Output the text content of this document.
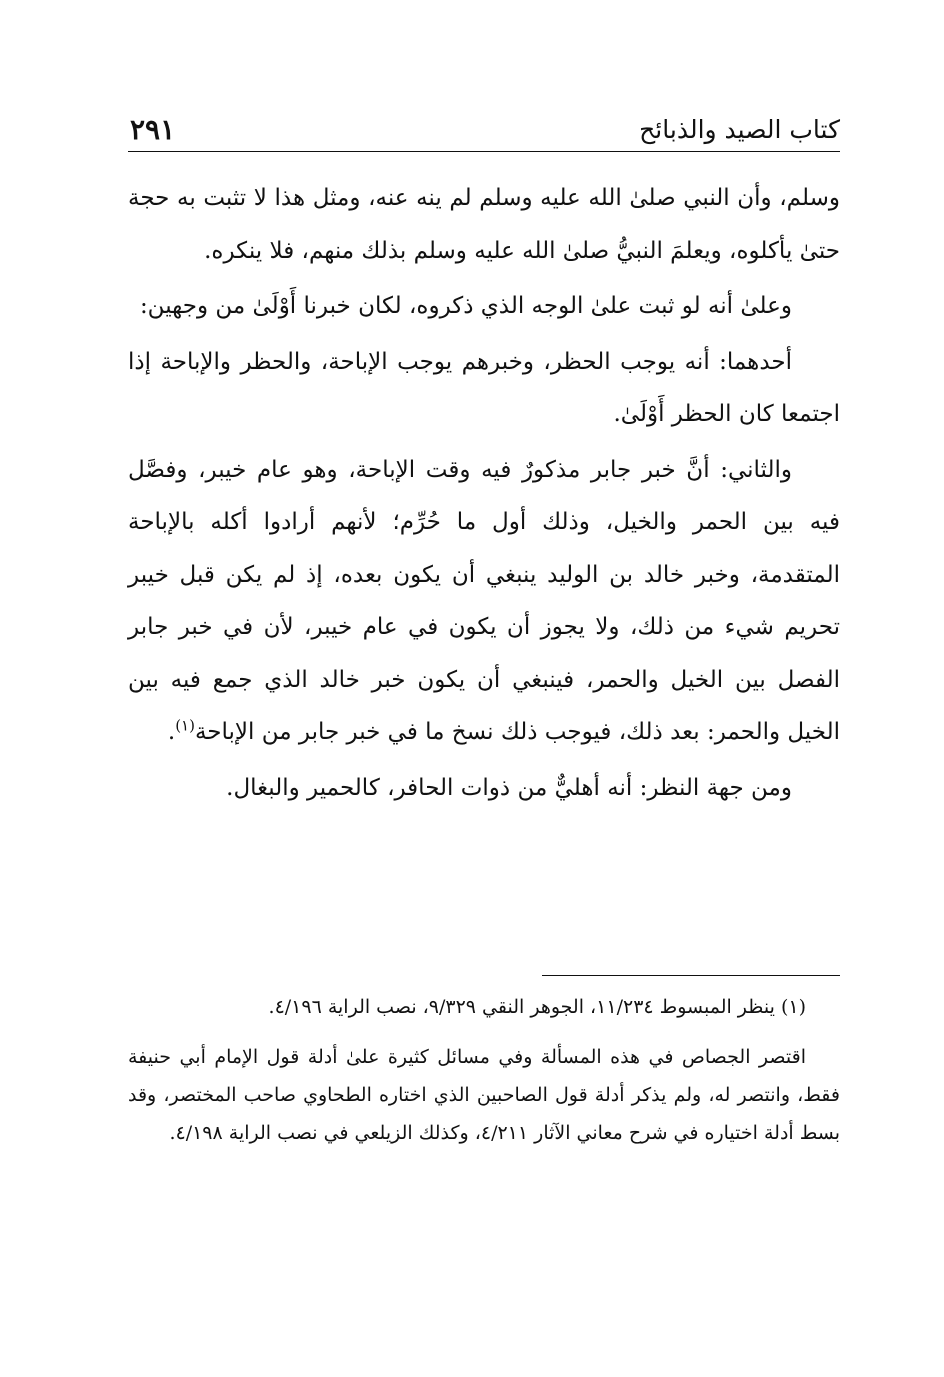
كتاب الصيد والذبائح
٢٩١

وسلم، وأن النبي صلىٰ الله عليه وسلم لم ينه عنه، ومثل هذا لا تثبت به حجة حتىٰ يأكلوه، ويعلمَ النبيُّ صلىٰ الله عليه وسلم بذلك منهم، فلا ينكره.

وعلىٰ أنه لو ثبت علىٰ الوجه الذي ذكروه، لكان خبرنا أَوْلَىٰ من وجهين:

أحدهما: أنه يوجب الحظر، وخبرهم يوجب الإباحة، والحظر والإباحة إذا اجتمعا كان الحظر أَوْلَىٰ.

والثاني: أنَّ خبر جابر مذكورٌ فيه وقت الإباحة، وهو عام خيبر، وفصَّل فيه بين الحمر والخيل، وذلك أول ما حُرِّم؛ لأنهم أرادوا أكله بالإباحة المتقدمة، وخبر خالد بن الوليد ينبغي أن يكون بعده، إذ لم يكن قبل خيبر تحريم شيء من ذلك، ولا يجوز أن يكون في عام خيبر، لأن في خبر جابر الفصل بين الخيل والحمر، فينبغي أن يكون خبر خالد الذي جمع فيه بين الخيل والحمر: بعد ذلك، فيوجب ذلك نسخ ما في خبر جابر من الإباحة$^{(١)}$.

ومن جهة النظر: أنه أهليٌّ من ذوات الحافر، كالحمير والبغال.

(١) ينظر المبسوط ١١/٢٣٤، الجوهر النقي ٩/٣٢٩، نصب الراية ٤/١٩٦.

اقتصر الجصاص في هذه المسألة وفي مسائل كثيرة علىٰ أدلة قول الإمام أبي حنيفة فقط، وانتصر له، ولم يذكر أدلة قول الصاحبين الذي اختاره الطحاوي صاحب المختصر، وقد بسط أدلة اختياره في شرح معاني الآثار ٤/٢١١، وكذلك الزيلعي في نصب الراية ٤/١٩٨.
